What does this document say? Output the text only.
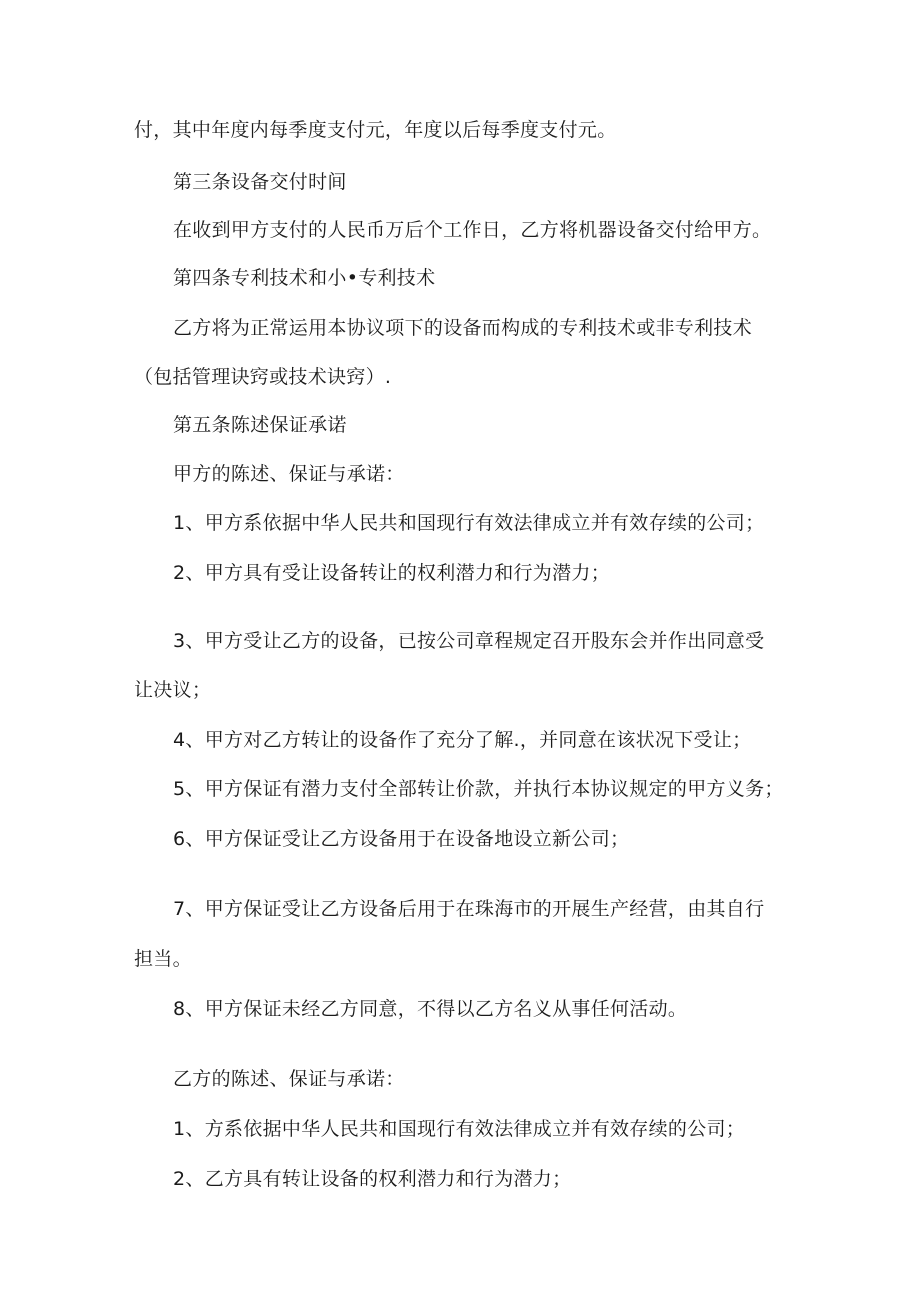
付，其中年度内每季度支付元，年度以后每季度支付元。
第三条设备交付时间
在收到甲方支付的人民币万后个工作日，乙方将机器设备交付给甲方。
第四条专利技术和小•专利技术
乙方将为正常运用本协议项下的设备而构成的专利技术或非专利技术
（包括管理诀窍或技术诀窍）.
第五条陈述保证承诺
甲方的陈述、保证与承诺：
1、甲方系依据中华人民共和国现行有效法律成立并有效存续的公司；
2、甲方具有受让设备转让的权利潜力和行为潜力；
3、甲方受让乙方的设备，已按公司章程规定召开股东会并作出同意受
让决议；
4、甲方对乙方转让的设备作了充分了解.，并同意在该状况下受让；
5、甲方保证有潜力支付全部转让价款，并执行本协议规定的甲方义务；
6、甲方保证受让乙方设备用于在设备地设立新公司；
7、甲方保证受让乙方设备后用于在珠海市的开展生产经营，由其自行
担当。
8、甲方保证未经乙方同意，不得以乙方名义从事任何活动。
乙方的陈述、保证与承诺：
1、方系依据中华人民共和国现行有效法律成立并有效存续的公司；
2、乙方具有转让设备的权利潜力和行为潜力；
